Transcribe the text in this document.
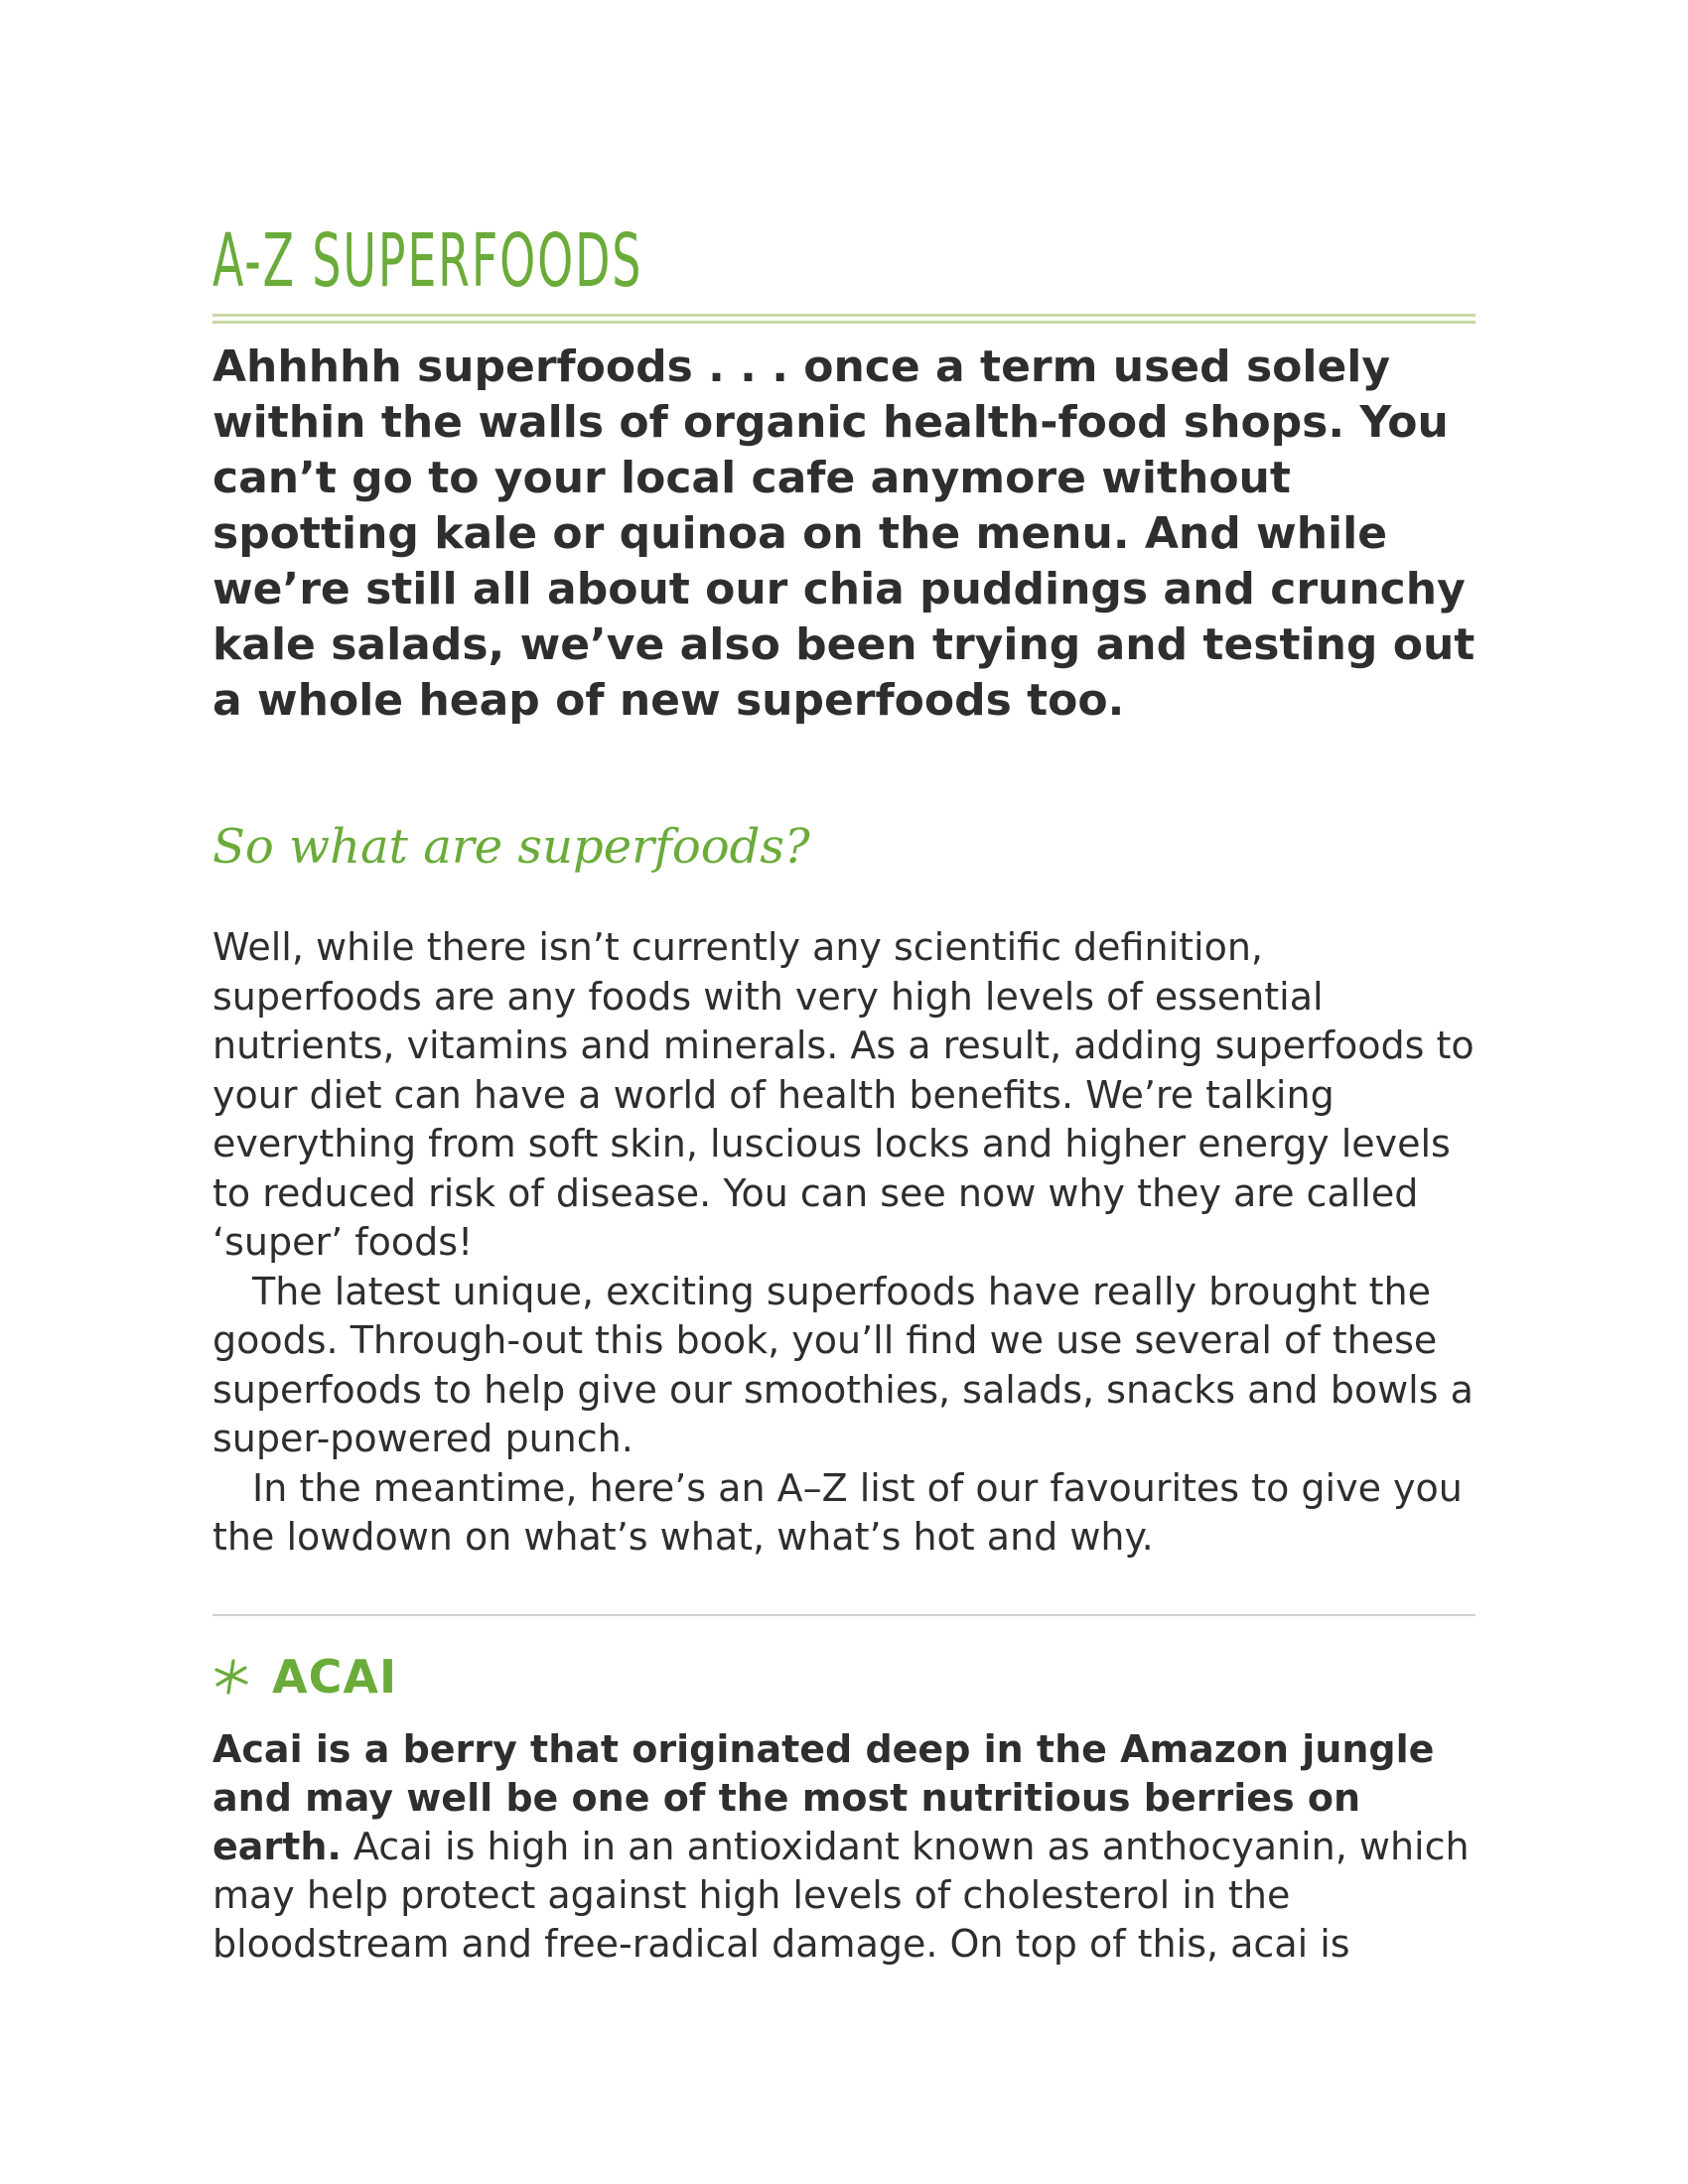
A-Z SUPERFOODS

Ahhhhh superfoods . . . once a term used solely within the walls of organic health-food shops. You can’t go to your local cafe anymore without spotting kale or quinoa on the menu. And while we’re still all about our chia puddings and crunchy kale salads, we’ve also been trying and testing out a whole heap of new superfoods too.

So what are superfoods?

Well, while there isn’t currently any scientific definition, superfoods are any foods with very high levels of essential nutrients, vitamins and minerals. As a result, adding superfoods to your diet can have a world of health benefits. We’re talking everything from soft skin, luscious locks and higher energy levels to reduced risk of disease. You can see now why they are called ‘super’ foods!

The latest unique, exciting superfoods have really brought the goods. Through-out this book, you’ll find we use several of these superfoods to help give our smoothies, salads, snacks and bowls a super-powered punch.

In the meantime, here’s an A–Z list of our favourites to give you the lowdown on what’s what, what’s hot and why.

ACAI

Acai is a berry that originated deep in the Amazon jungle and may well be one of the most nutritious berries on earth. Acai is high in an antioxidant known as anthocyanin, which may help protect against high levels of cholesterol in the bloodstream and free-radical damage. On top of this, acai is
